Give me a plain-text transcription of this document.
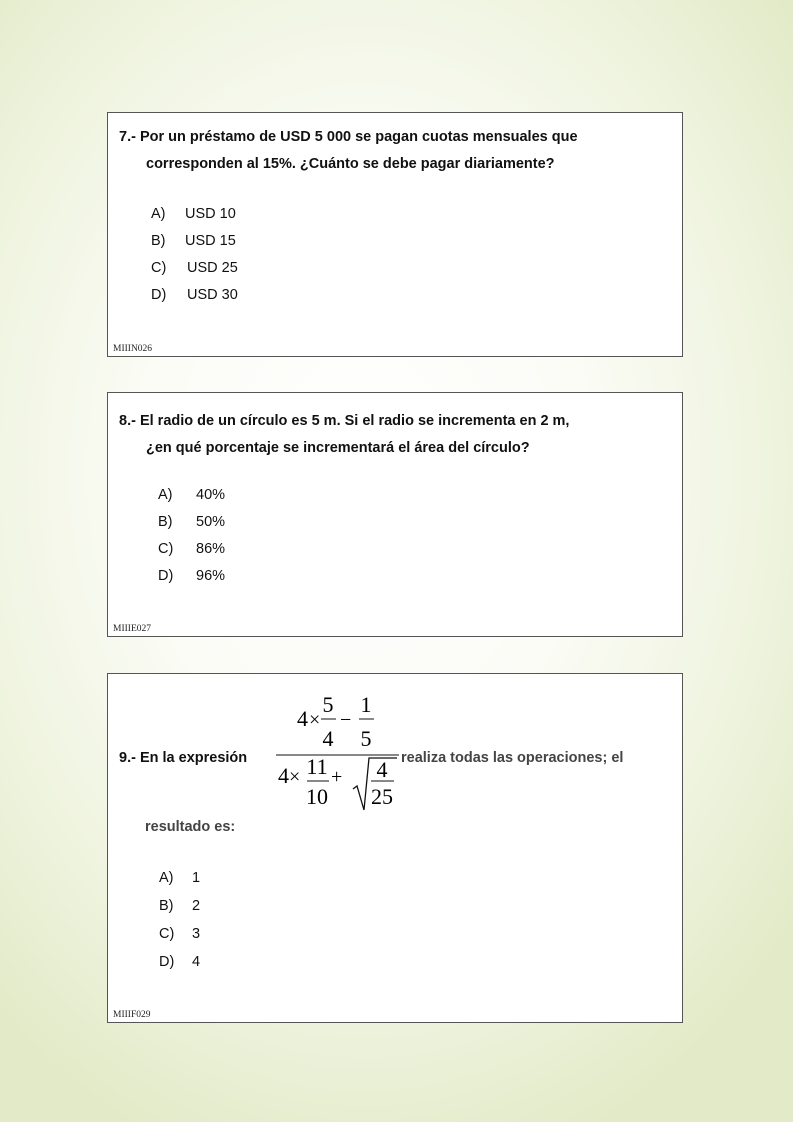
7.- Por un préstamo de USD 5 000 se pagan cuotas mensuales que
corresponden al 15%. ¿Cuánto se debe pagar diariamente?
A) USD 10
B) USD 15
C) USD 25
D) USD 30
MIIIN026
8.- El radio de un círculo es 5 m. Si el radio se incrementa en 2 m,
¿en qué porcentaje se incrementará el área del círculo?
A) 40%
B) 50%
C) 86%
D) 96%
MIIIE027
9.- En la expresión
4 ×
5
4
−
1
5
4 × 11
10
+ 4
25
realiza todas las operaciones; el
resultado es:
A) 1
B) 2
C) 3
D) 4
MIIIF029
